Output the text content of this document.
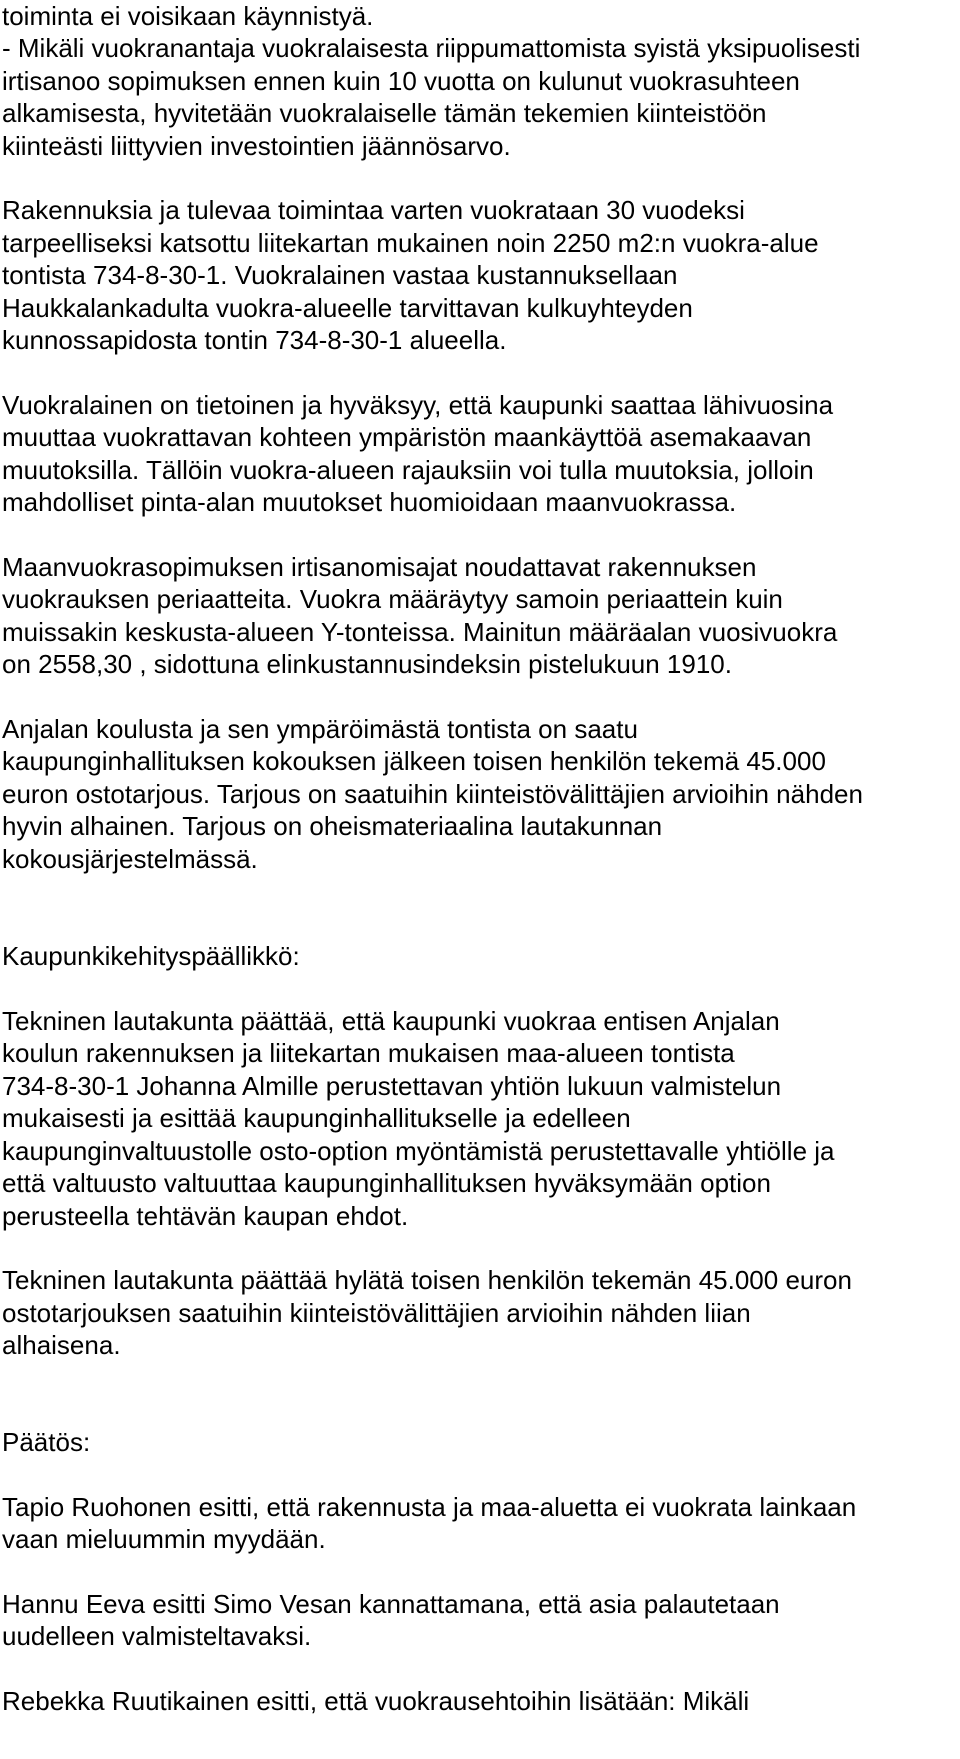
toiminta ei voisikaan käynnistyä.
- Mikäli vuokranantaja vuokralaisesta riippumattomista syistä yksipuolisesti
irtisanoo sopimuksen ennen kuin 10 vuotta on kulunut vuokrasuhteen
alkamisesta, hyvitetään vuokralaiselle tämän tekemien kiinteistöön
kiinteästi liittyvien investointien jäännösarvo.
Rakennuksia ja tulevaa toimintaa varten vuokrataan 30 vuodeksi
tarpeelliseksi katsottu liitekartan mukainen noin 2250 m2:n vuokra-alue
tontista 734-8-30-1. Vuokralainen vastaa kustannuksellaan
Haukkalankadulta vuokra-alueelle tarvittavan kulkuyhteyden
kunnossapidosta tontin 734-8-30-1 alueella.
Vuokralainen on tietoinen ja hyväksyy, että kaupunki saattaa lähivuosina
muuttaa vuokrattavan kohteen ympäristön maankäyttöä asemakaavan
muutoksilla. Tällöin vuokra-alueen rajauksiin voi tulla muutoksia, jolloin
mahdolliset pinta-alan muutokset huomioidaan maanvuokrassa.
Maanvuokrasopimuksen irtisanomisajat noudattavat rakennuksen
vuokrauksen periaatteita. Vuokra määräytyy samoin periaattein kuin
muissakin keskusta-alueen Y-tonteissa. Mainitun määräalan vuosivuokra
on 2558,30 , sidottuna elinkustannusindeksin pistelukuun 1910.
Anjalan koulusta ja sen ympäröimästä tontista on saatu
kaupunginhallituksen kokouksen jälkeen toisen henkilön tekemä 45.000
euron ostotarjous. Tarjous on saatuihin kiinteistövälittäjien arvioihin nähden
hyvin alhainen. Tarjous on oheismateriaalina lautakunnan
kokousjärjestelmässä.
Kaupunkikehityspäällikkö:
Tekninen lautakunta päättää, että kaupunki vuokraa entisen Anjalan
koulun rakennuksen ja liitekartan mukaisen maa-alueen tontista
734-8-30-1 Johanna Almille perustettavan yhtiön lukuun valmistelun
mukaisesti ja esittää kaupunginhallitukselle ja edelleen
kaupunginvaltuustolle osto-option myöntämistä perustettavalle yhtiölle ja
että valtuusto valtuuttaa kaupunginhallituksen hyväksymään option
perusteella tehtävän kaupan ehdot.
Tekninen lautakunta päättää hylätä toisen henkilön tekemän 45.000 euron
ostotarjouksen saatuihin kiinteistövälittäjien arvioihin nähden liian
alhaisena.
Päätös:
Tapio Ruohonen esitti, että rakennusta ja maa-aluetta ei vuokrata lainkaan
vaan mieluummin myydään.
Hannu Eeva esitti Simo Vesan kannattamana, että asia palautetaan
uudelleen valmisteltavaksi.
Rebekka Ruutikainen esitti, että vuokrausehtoihin lisätään: Mikäli
